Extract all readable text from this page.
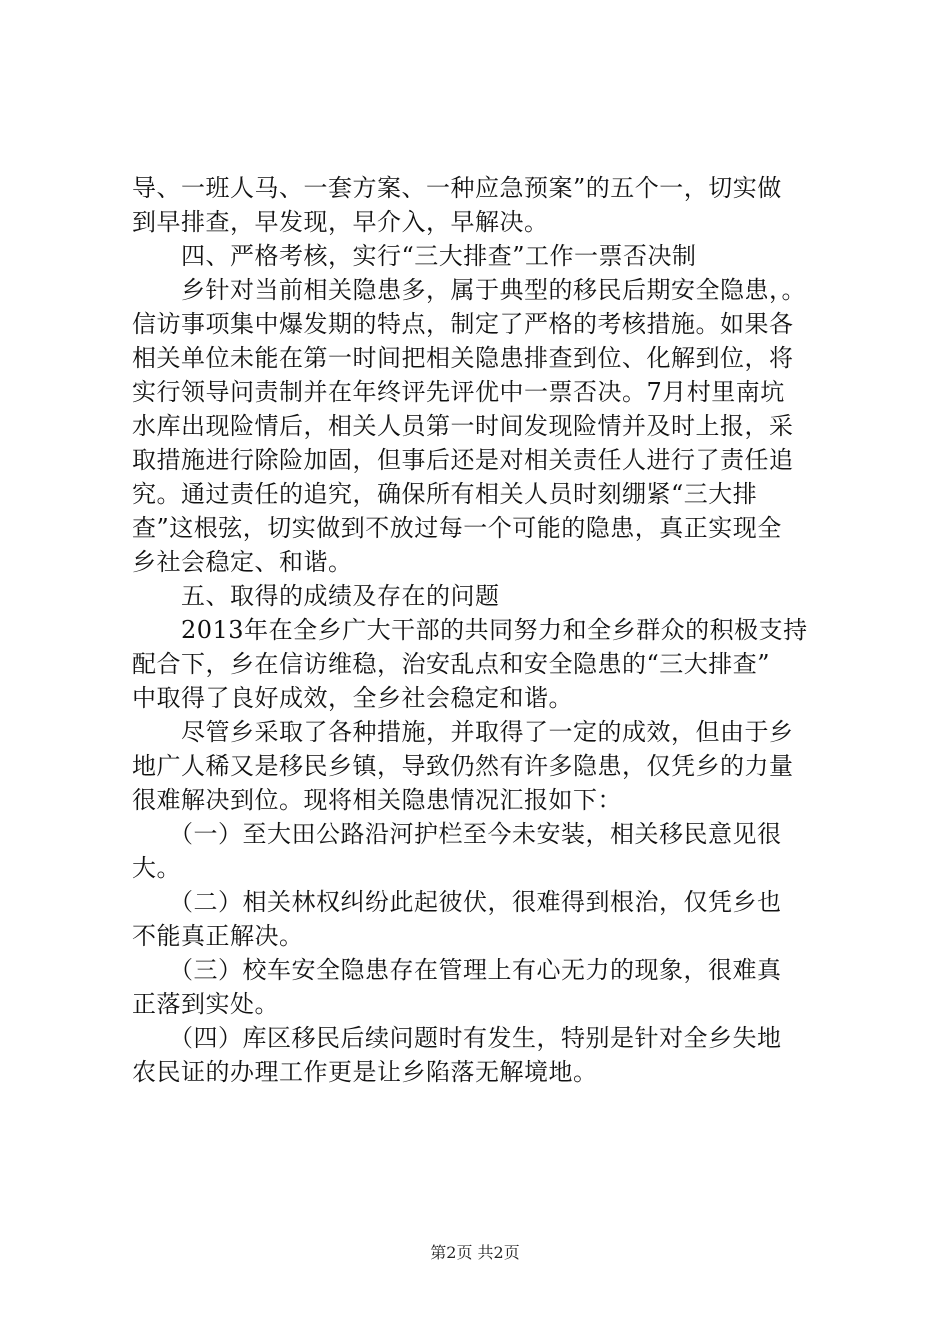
导、一班人马、一套方案、一种应急预案”的五个一，切实做
到早排查，早发现，早介入，早解决。
　　四、严格考核，实行“三大排查”工作一票否决制
　　乡针对当前相关隐患多，属于典型的移民后期安全隐患，。
信访事项集中爆发期的特点，制定了严格的考核措施。如果各
相关单位未能在第一时间把相关隐患排查到位、化解到位，将
实行领导问责制并在年终评先评优中一票否决。7月村里南坑
水库出现险情后，相关人员第一时间发现险情并及时上报，采
取措施进行除险加固，但事后还是对相关责任人进行了责任追
究。通过责任的追究，确保所有相关人员时刻绷紧“三大排
查”这根弦，切实做到不放过每一个可能的隐患，真正实现全
乡社会稳定、和谐。
　　五、取得的成绩及存在的问题
　　2013年在全乡广大干部的共同努力和全乡群众的积极支持
配合下，乡在信访维稳，治安乱点和安全隐患的“三大排查”
中取得了良好成效，全乡社会稳定和谐。
　　尽管乡采取了各种措施，并取得了一定的成效，但由于乡
地广人稀又是移民乡镇，导致仍然有许多隐患，仅凭乡的力量
很难解决到位。现将相关隐患情况汇报如下：
　　（一）至大田公路沿河护栏至今未安装，相关移民意见很
大。
　　（二）相关林权纠纷此起彼伏，很难得到根治，仅凭乡也
不能真正解决。
　　（三）校车安全隐患存在管理上有心无力的现象，很难真
正落到实处。
　　（四）库区移民后续问题时有发生，特别是针对全乡失地
农民证的办理工作更是让乡陷落无解境地。
第2页 共2页
